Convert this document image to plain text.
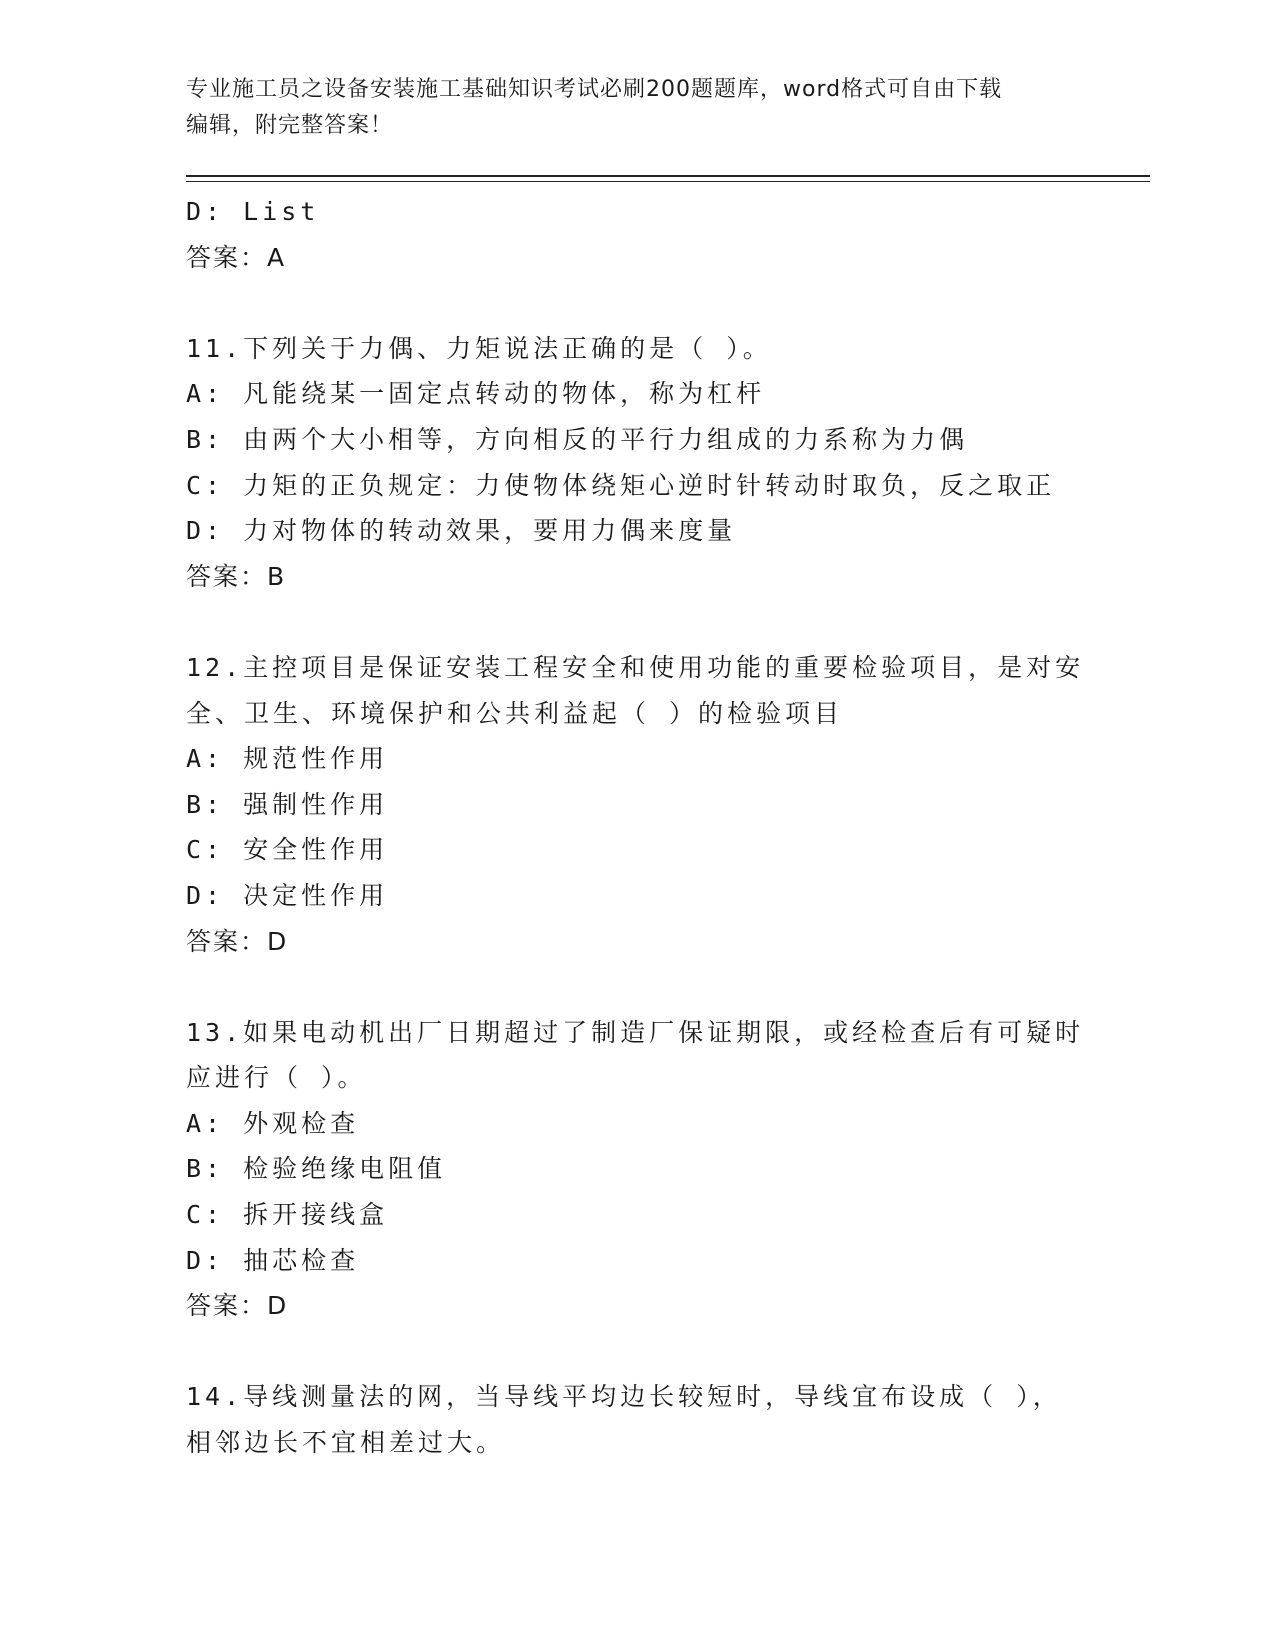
专业施工员之设备安装施工基础知识考试必刷200题题库，word格式可自由下载
编辑，附完整答案！
D: List
答案：A
11.下列关于力偶、力矩说法正确的是（ ）。
A: 凡能绕某一固定点转动的物体，称为杠杆
B: 由两个大小相等，方向相反的平行力组成的力系称为力偶
C: 力矩的正负规定：力使物体绕矩心逆时针转动时取负，反之取正
D: 力对物体的转动效果，要用力偶来度量
答案：B
12.主控项目是保证安装工程安全和使用功能的重要检验项目，是对安
全、卫生、环境保护和公共利益起（ ）的检验项目
A: 规范性作用
B: 强制性作用
C: 安全性作用
D: 决定性作用
答案：D
13.如果电动机出厂日期超过了制造厂保证期限，或经检查后有可疑时
应进行（ ）。
A: 外观检查
B: 检验绝缘电阻值
C: 拆开接线盒
D: 抽芯检查
答案：D
14.导线测量法的网，当导线平均边长较短时，导线宜布设成（ ），
相邻边长不宜相差过大。
